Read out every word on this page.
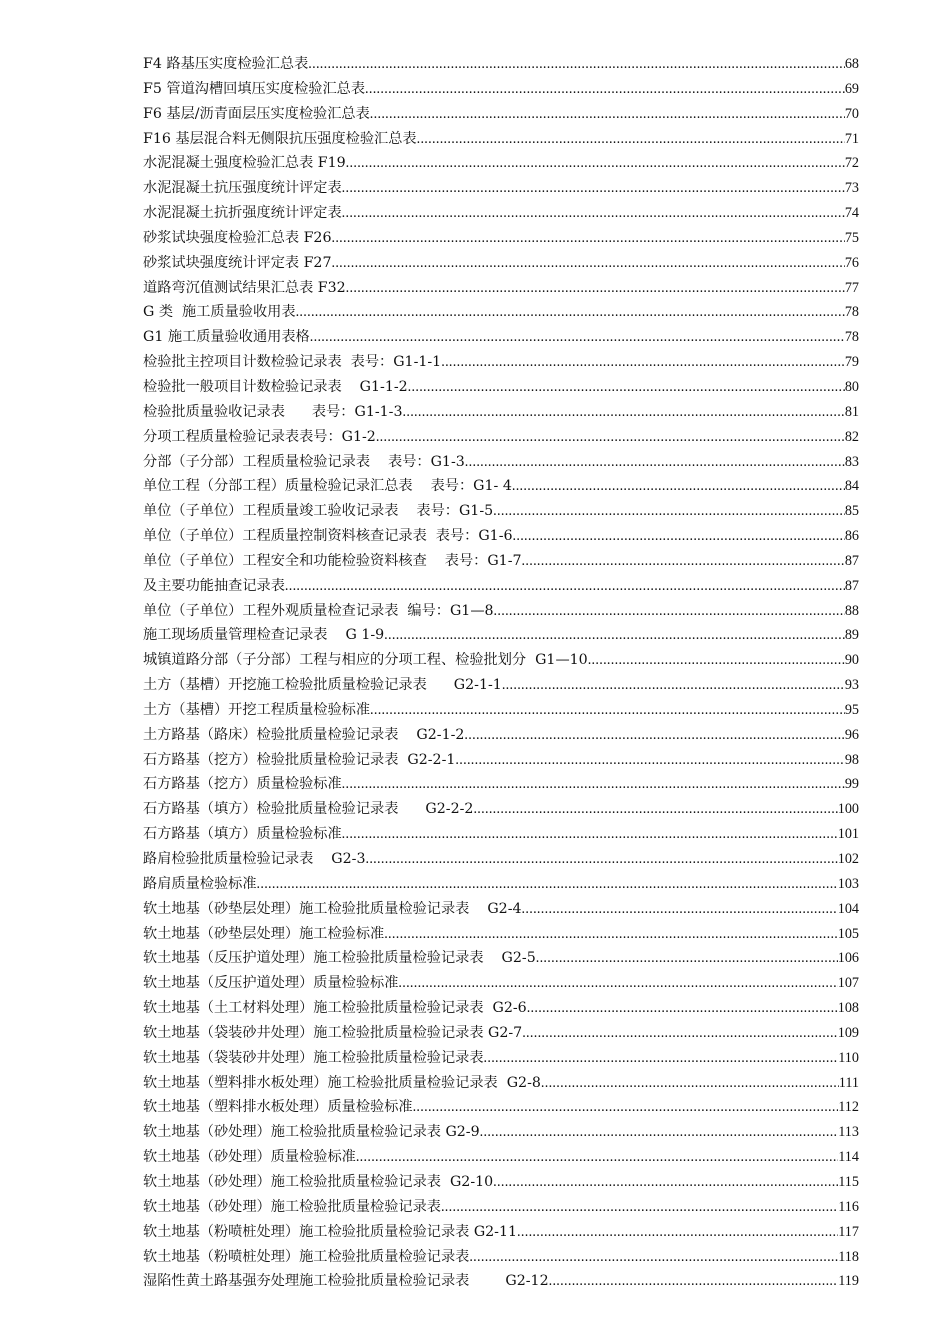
F4 路基压实度检验汇总表 .....	68
F5 管道沟槽回填压实度检验汇总表 .....	69
F6 基层/沥青面层压实度检验汇总表 .....	70
F16 基层混合料无侧限抗压强度检验汇总表 .....	71
水泥混凝土强度检验汇总表 F19 .....	72
水泥混凝土抗压强度统计评定表 .....	73
水泥混凝土抗折强度统计评定表 .....	74
砂浆试块强度检验汇总表 F26 .....	75
砂浆试块强度统计评定表 F27 .....	76
道路弯沉值测试结果汇总表 F32 .....	77
G 类  施工质量验收用表 .....	78
G1 施工质量验收通用表格 .....	78
检验批主控项目计数检验记录表  表号：G1-1-1 .....	79
检验批一般项目计数检验记录表    G1-1-2 .....	80
检验批质量验收记录表      表号：G1-1-3 .....	81
分项工程质量检验记录表表号：G1-2 .....	82
分部（子分部）工程质量检验记录表    表号：G1-3 .....	83
单位工程（分部工程）质量检验记录汇总表    表号：G1- 4 .....	84
单位（子单位）工程质量竣工验收记录表    表号：G1-5 .....	85
单位（子单位）工程质量控制资料核查记录表  表号：G1-6 .....	86
单位（子单位）工程安全和功能检验资料核查    表号：G1-7 .....	87
及主要功能抽查记录表 .....	87
单位（子单位）工程外观质量检查记录表  编号：G1—8 .....	88
施工现场质量管理检查记录表    G 1-9 .....	89
城镇道路分部（子分部）工程与相应的分项工程、检验批划分  G1—10 .....	90
土方（基槽）开挖施工检验批质量检验记录表      G2-1-1 .....	93
土方（基槽）开挖工程质量检验标准 .....	95
土方路基（路床）检验批质量检验记录表    G2-1-2 .....	96
石方路基（挖方）检验批质量检验记录表  G2-2-1 .....	98
石方路基（挖方）质量检验标准 .....	99
石方路基（填方）检验批质量检验记录表      G2-2-2 .....	100
石方路基（填方）质量检验标准 .....	101
路肩检验批质量检验记录表    G2-3 .....	102
路肩质量检验标准 .....	103
软土地基（砂垫层处理）施工检验批质量检验记录表    G2-4 .....	104
软土地基（砂垫层处理）施工检验标准 .....	105
软土地基（反压护道处理）施工检验批质量检验记录表    G2-5 .....	106
软土地基（反压护道处理）质量检验标准 .....	107
软土地基（土工材料处理）施工检验批质量检验记录表  G2-6 .....	108
软土地基（袋装砂井处理）施工检验批质量检验记录表 G2-7 .....	109
软土地基（袋装砂井处理）施工检验批质量检验记录表 .....	110
软土地基（塑料排水板处理）施工检验批质量检验记录表  G2-8 .....	111
软土地基（塑料排水板处理）质量检验标准 .....	112
软土地基（砂处理）施工检验批质量检验记录表 G2-9 .....	113
软土地基（砂处理）质量检验标准 .....	114
软土地基（砂处理）施工检验批质量检验记录表  G2-10 .....	115
软土地基（砂处理）施工检验批质量检验记录表 .....	116
软土地基（粉喷桩处理）施工检验批质量检验记录表 G2-11 .....	117
软土地基（粉喷桩处理）施工检验批质量检验记录表 .....	118
湿陷性黄土路基强夯处理施工检验批质量检验记录表        G2-12 .....	119
